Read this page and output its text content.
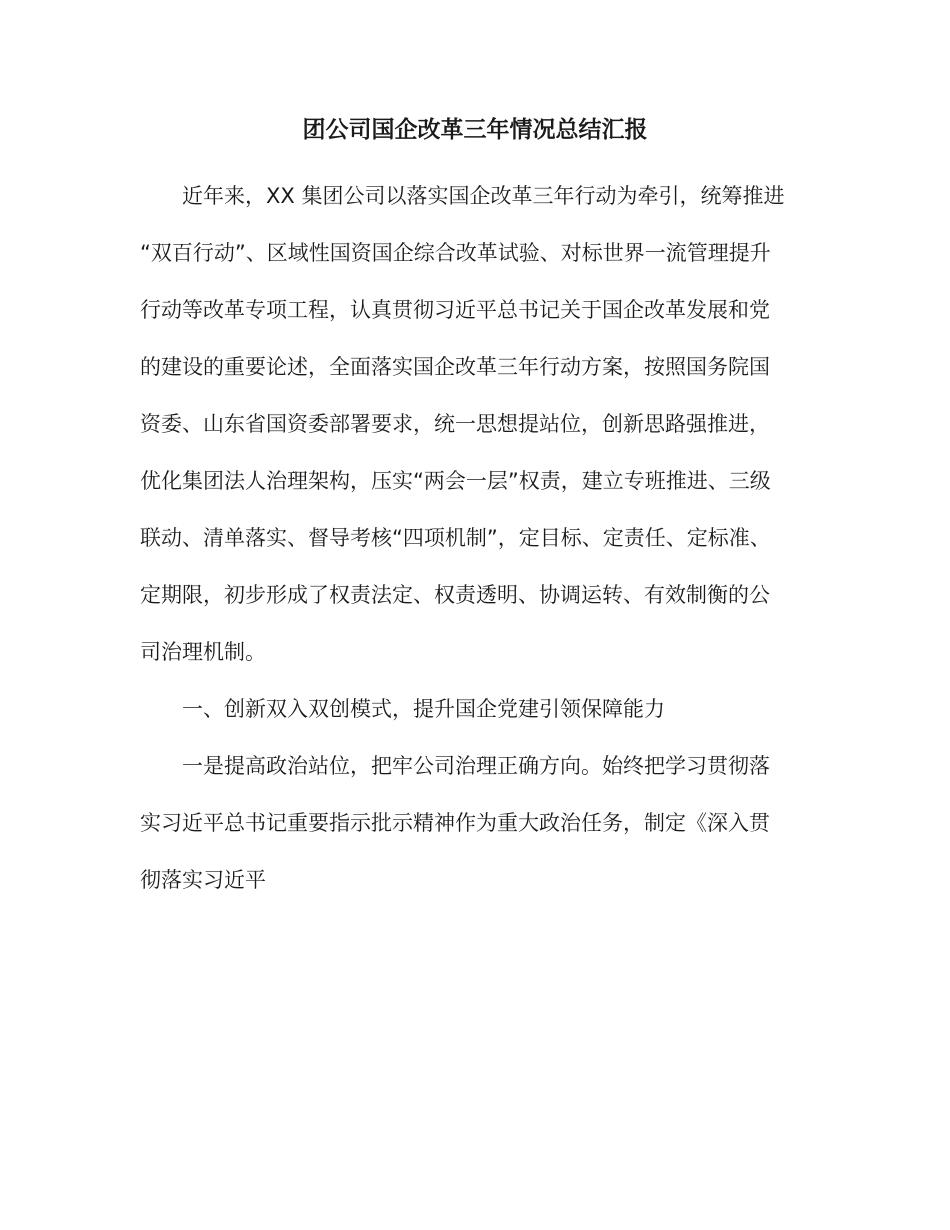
团公司国企改革三年情况总结汇报

近年来，XX 集团公司以落实国企改革三年行动为牵引，统筹推进
“双百行动”、区域性国资国企综合改革试验、对标世界一流管理提升
行动等改革专项工程，认真贯彻习近平总书记关于国企改革发展和党
的建设的重要论述，全面落实国企改革三年行动方案，按照国务院国
资委、山东省国资委部署要求，统一思想提站位，创新思路强推进，
优化集团法人治理架构，压实“两会一层”权责，建立专班推进、三级
联动、清单落实、督导考核“四项机制”，定目标、定责任、定标准、
定期限，初步形成了权责法定、权责透明、协调运转、有效制衡的公
司治理机制。

一、创新双入双创模式，提升国企党建引领保障能力

一是提高政治站位，把牢公司治理正确方向。始终把学习贯彻落
实习近平总书记重要指示批示精神作为重大政治任务，制定《深入贯
彻落实习近平
